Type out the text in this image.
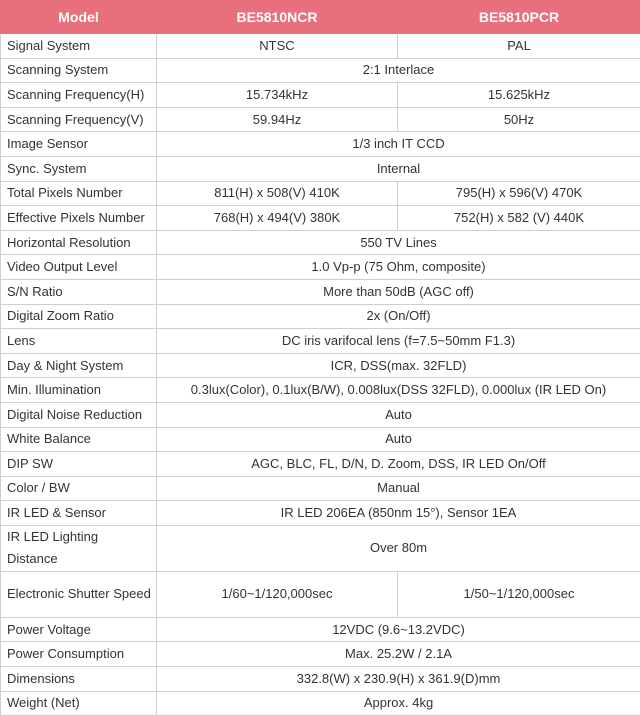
Model	BE5810NCR	BE5810PCR
Signal System	NTSC	PAL
Scanning System	2:1 Interlace	
Scanning Frequency(H)	15.734kHz	15.625kHz
Scanning Frequency(V)	59.94Hz	50Hz
Image Sensor	1/3 inch IT CCD	
Sync. System	Internal	
Total Pixels Number	811(H) x 508(V) 410K	795(H) x 596(V) 470K
Effective Pixels Number	768(H) x 494(V) 380K	752(H) x 582 (V) 440K
Horizontal Resolution	550 TV Lines	
Video Output Level	1.0 Vp-p (75 Ohm, composite)	
S/N Ratio	More than 50dB (AGC off)	
Digital Zoom Ratio	2x (On/Off)	
Lens	DC iris varifocal lens (f=7.5~50mm F1.3)	
Day & Night System	ICR, DSS(max. 32FLD)	
Min. Illumination	0.3lux(Color), 0.1lux(B/W), 0.008lux(DSS 32FLD), 0.000lux (IR LED On)	
Digital Noise Reduction	Auto	
White Balance	Auto	
DIP SW	AGC, BLC, FL, D/N, D. Zoom, DSS, IR LED On/Off	
Color / BW	Manual	
IR LED & Sensor	IR LED 206EA (850nm 15°), Sensor 1EA	
IR LED Lighting Distance	Over 80m	
Electronic Shutter Speed	1/60~1/120,000sec	1/50~1/120,000sec
Power Voltage	12VDC (9.6~13.2VDC)	
Power Consumption	Max. 25.2W / 2.1A	
Dimensions	332.8(W) x 230.9(H) x 361.9(D)mm	
Weight (Net)	Approx. 4kg	
